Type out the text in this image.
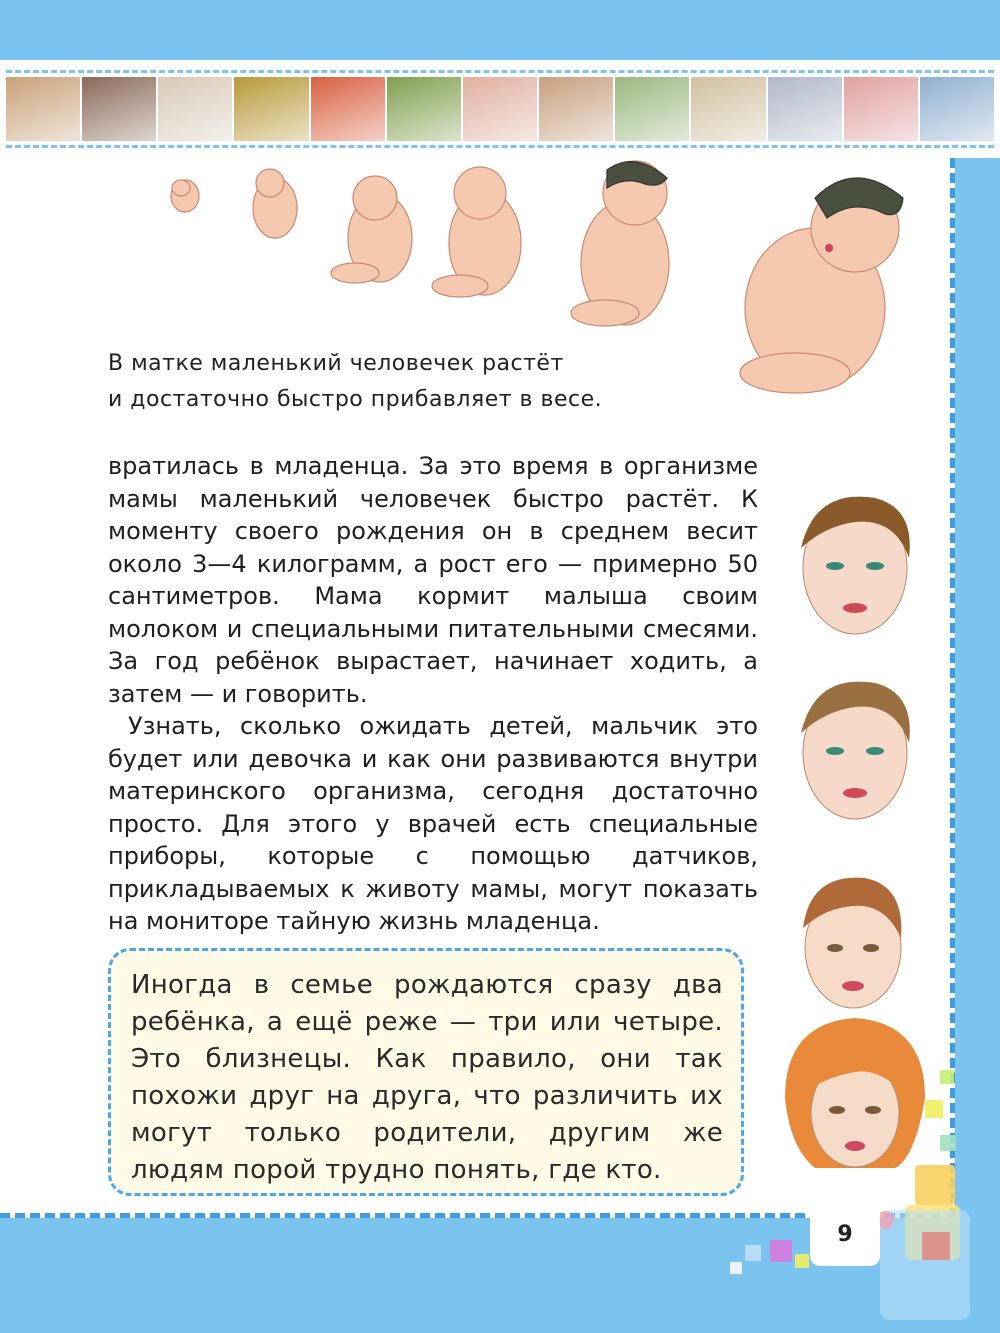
В матке маленький человечек растёт
и достаточно быстро прибавляет в весе.

вратилась в младенца. За это время в организме мамы маленький человечек быстро растёт. К моменту своего рождения он в среднем весит около 3—4 килограмм, а рост его — примерно 50 сантиметров. Мама кормит малыша своим молоком и специальными питательными смесями. За год ребёнок вырастает, начинает ходить, а затем — и говорить.

Узнать, сколько ожидать детей, мальчик это будет или девочка и как они развиваются внутри материнского организма, сегодня достаточно просто. Для этого у врачей есть специальные приборы, которые с помощью датчиков, прикладываемых к животу мамы, могут показать на мониторе тайную жизнь младенца.

Иногда в семье рождаются сразу два ребёнка, а ещё реже — три или четыре. Это близнецы. Как правило, они так похожи друг на друга, что различить их могут только родители, другим же людям порой трудно понять, где кто.
9
